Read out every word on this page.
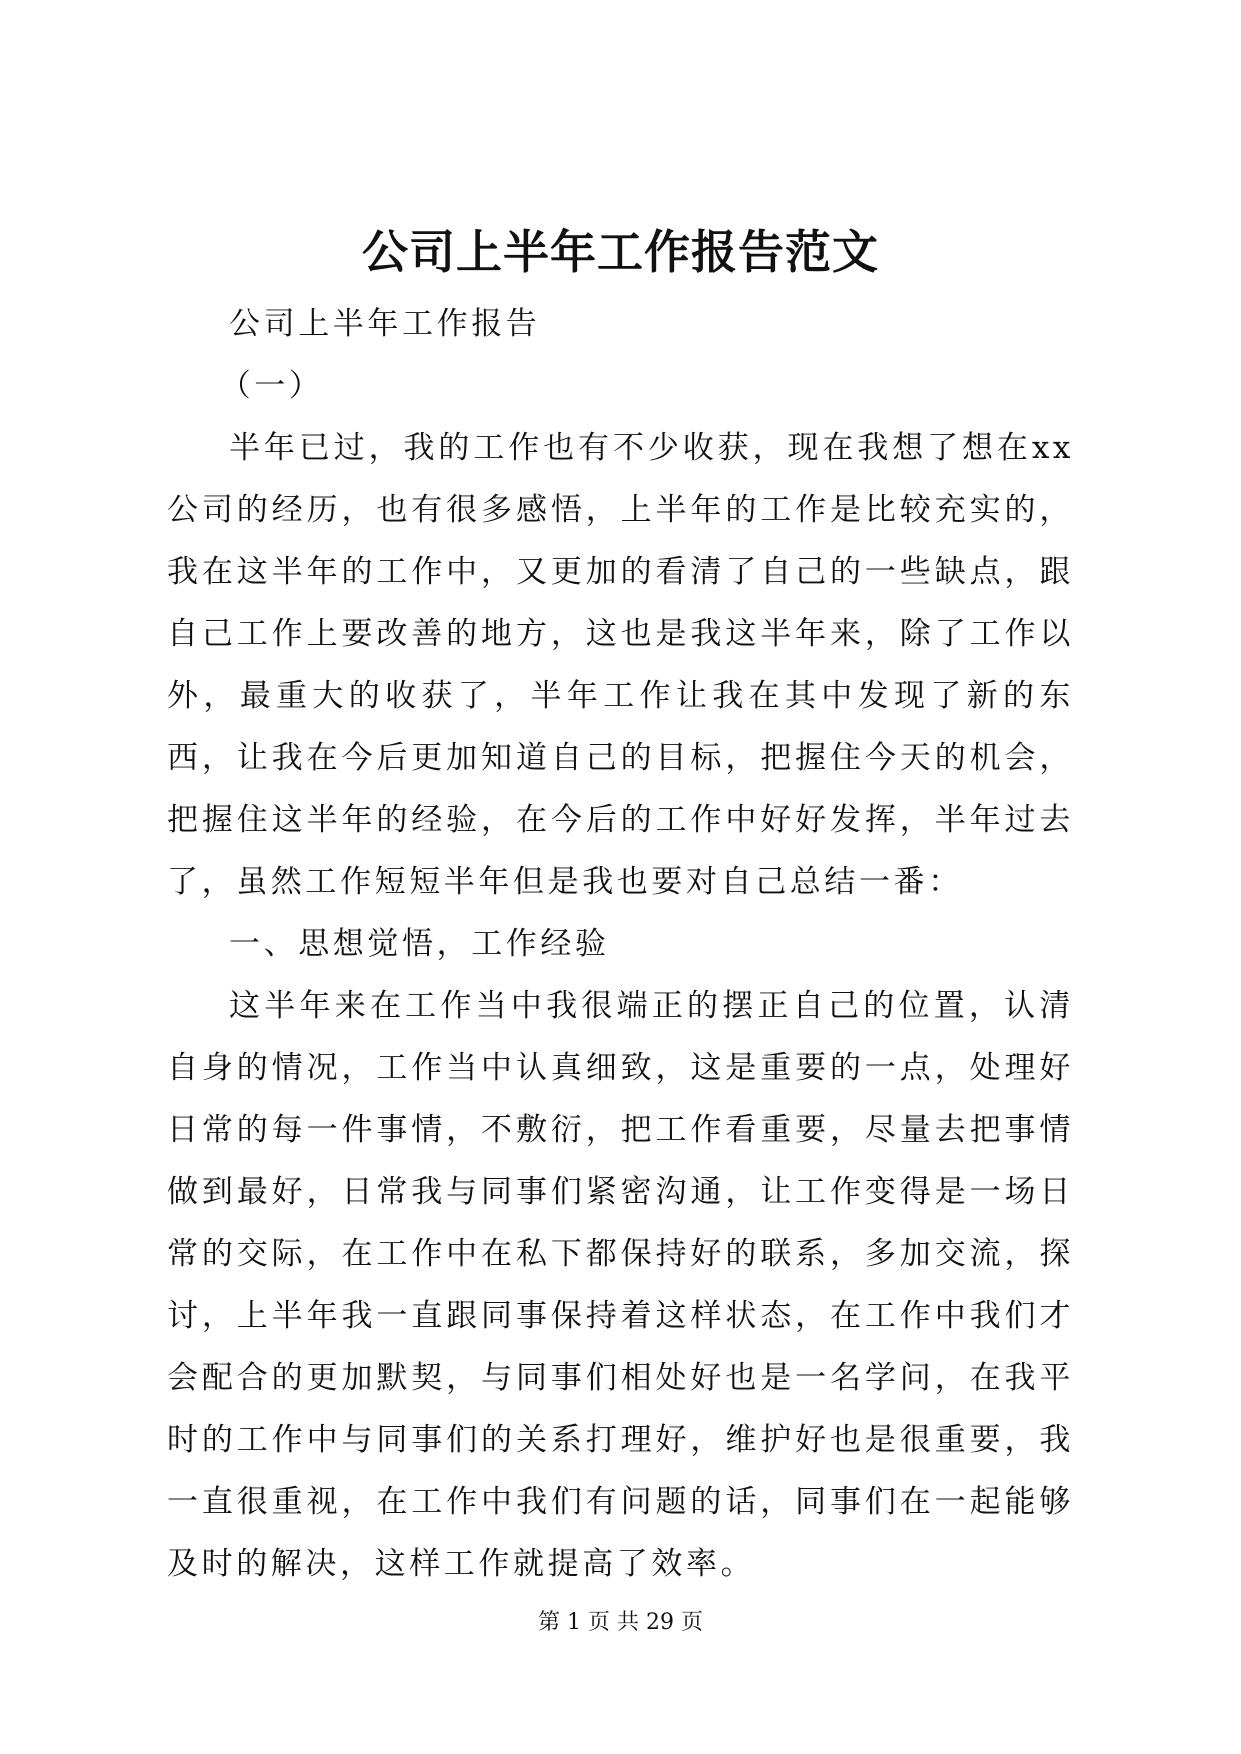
公司上半年工作报告范文

公司上半年工作报告

（一）

半年已过，我的工作也有不少收获，现在我想了想在xx公司的经历，也有很多感悟，上半年的工作是比较充实的，我在这半年的工作中，又更加的看清了自己的一些缺点，跟自己工作上要改善的地方，这也是我这半年来，除了工作以外，最重大的收获了，半年工作让我在其中发现了新的东西，让我在今后更加知道自己的目标，把握住今天的机会，把握住这半年的经验，在今后的工作中好好发挥，半年过去了，虽然工作短短半年但是我也要对自己总结一番：

一、思想觉悟，工作经验

这半年来在工作当中我很端正的摆正自己的位置，认清自身的情况，工作当中认真细致，这是重要的一点，处理好日常的每一件事情，不敷衍，把工作看重要，尽量去把事情做到最好，日常我与同事们紧密沟通，让工作变得是一场日常的交际，在工作中在私下都保持好的联系，多加交流，探讨，上半年我一直跟同事保持着这样状态，在工作中我们才会配合的更加默契，与同事们相处好也是一名学问，在我平时的工作中与同事们的关系打理好，维护好也是很重要，我一直很重视，在工作中我们有问题的话，同事们在一起能够及时的解决，这样工作就提高了效率。

第 1 页 共 29 页
